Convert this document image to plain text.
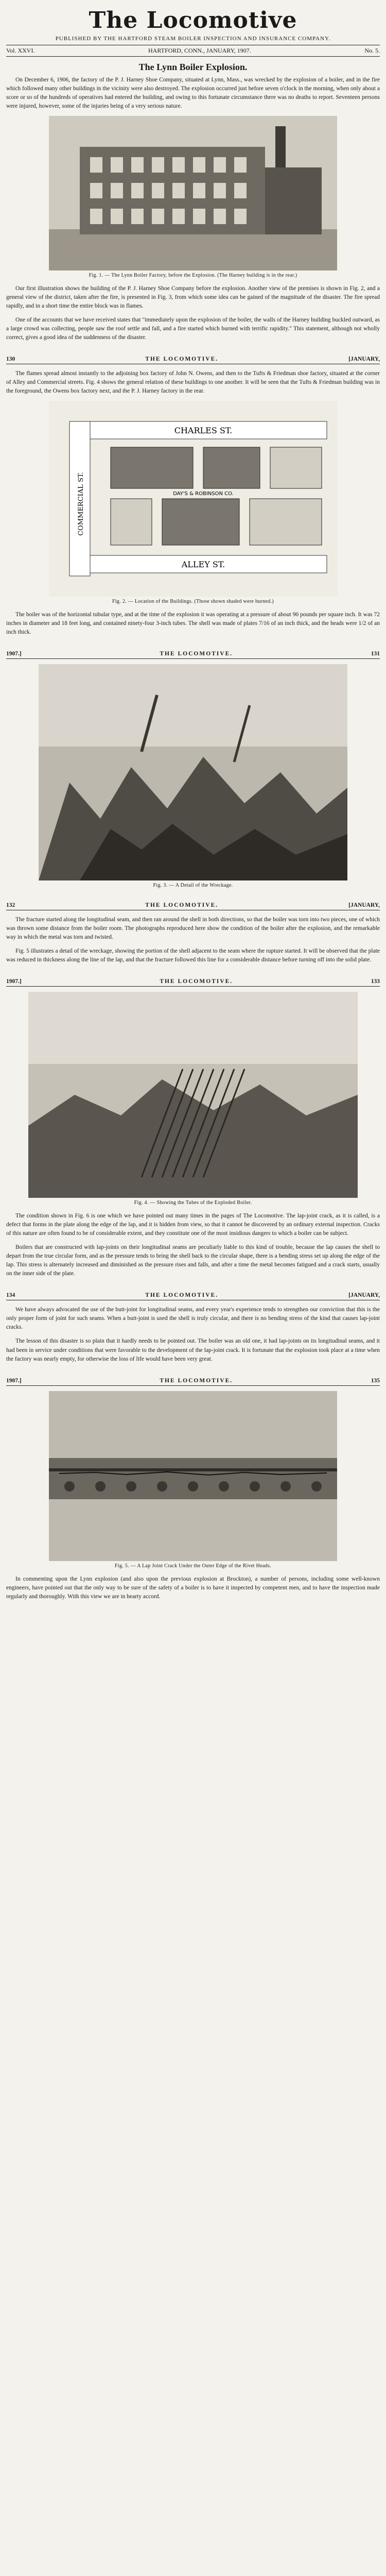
The Locomotive
PUBLISHED BY THE HARTFORD STEAM BOILER INSPECTION AND INSURANCE COMPANY.
Vol. XXVI.	HARTFORD, CONN., JANUARY, 1907.	No. 5.
The Lynn Boiler Explosion.

On December 6, 1906, the factory of the P. J. Harney Shoe Company, situated at Lynn, Mass., was wrecked by the explosion of a boiler, and in the fire which followed many other buildings in the vicinity were also destroyed. The explosion occurred just before seven o'clock in the morning, when only about a score or so of the hundreds of operatives had entered the building, and owing to this fortunate circumstance there was no deaths to report. Seventeen persons were injured, however, some of the injuries being of a very serious nature.

Fig. 1. — The Lynn Boiler Factory, before the Explosion. (The Harney building is in the rear.)

Our first illustration shows the building of the P. J. Harney Shoe Company before the explosion. Another view of the premises is shown in Fig. 2, and a general view of the district, taken after the fire, is presented in Fig. 3, from which some idea can be gained of the magnitude of the disaster. The fire spread rapidly, and in a short time the entire block was in flames.

One of the accounts that we have received states that "immediately upon the explosion of the boiler, the walls of the Harney building buckled outward, as a large crowd was collecting, people saw the roof settle and fall, and a fire started which burned with terrific rapidity." This statement, although not wholly correct, gives a good idea of the suddenness of the disaster.

130	THE LOCOMOTIVE.	[JANUARY,

The flames spread almost instantly to the adjoining box factory of John N. Owens, and then to the Tufts & Friedman shoe factory, situated at the corner of Alley and Commercial streets. Fig. 4 shows the general relation of these buildings to one another. It will be seen that the Tufts & Friedman building was in the foreground, the Owens box factory next, and the P. J. Harney factory in the rear.

CHARLES ST.
ALLEY ST.
COMMERCIAL ST.	DAY'S & ROBINSON CO.
Fig. 2. — Location of the Buildings. (Those shown shaded were burned.)

The boiler was of the horizontal tubular type, and at the time of the explosion it was operating at a pressure of about 90 pounds per square inch. It was 72 inches in diameter and 18 feet long, and contained ninety-four 3-inch tubes. The shell was made of plates 7/16 of an inch thick, and the heads were 1/2 of an inch thick.

1907.]	THE LOCOMOTIVE.	131
Fig. 3. — A Detail of the Wreckage.
132	THE LOCOMOTIVE.	[JANUARY,

The fracture started along the longitudinal seam, and then ran around the shell in both directions, so that the boiler was torn into two pieces, one of which was thrown some distance from the boiler room. The photographs reproduced here show the condition of the boiler after the explosion, and the remarkable way in which the metal was torn and twisted.

Fig. 5 illustrates a detail of the wreckage, showing the portion of the shell adjacent to the seam where the rupture started. It will be observed that the plate was reduced in thickness along the line of the lap, and that the fracture followed this line for a considerable distance before turning off into the solid plate.

1907.]	THE LOCOMOTIVE.	133
Fig. 4. — Showing the Tubes of the Exploded Boiler.

The condition shown in Fig. 6 is one which we have pointed out many times in the pages of The Locomotive. The lap-joint crack, as it is called, is a defect that forms in the plate along the edge of the lap, and it is hidden from view, so that it cannot be discovered by an ordinary external inspection. Cracks of this nature are often found to be of considerable extent, and they constitute one of the most insidious dangers to which a boiler can be subject.

Boilers that are constructed with lap-joints on their longitudinal seams are peculiarly liable to this kind of trouble, because the lap causes the shell to depart from the true circular form, and as the pressure tends to bring the shell back to the circular shape, there is a bending stress set up along the edge of the lap. This stress is alternately increased and diminished as the pressure rises and falls, and after a time the metal becomes fatigued and a crack starts, usually on the inner side of the plate.

134	THE LOCOMOTIVE.	[JANUARY,

We have always advocated the use of the butt-joint for longitudinal seams, and every year's experience tends to strengthen our conviction that this is the only proper form of joint for such seams. When a butt-joint is used the shell is truly circular, and there is no bending stress of the kind that causes lap-joint cracks.

The lesson of this disaster is so plain that it hardly needs to be pointed out. The boiler was an old one, it had lap-joints on its longitudinal seams, and it had been in service under conditions that were favorable to the development of the lap-joint crack. It is fortunate that the explosion took place at a time when the factory was nearly empty, for otherwise the loss of life would have been very great.

1907.]	THE LOCOMOTIVE.	135
Fig. 5. — A Lap Joint Crack Under the Outer Edge of the Rivet Heads.

In commenting upon the Lynn explosion (and also upon the previous explosion at Brockton), a number of persons, including some well-known engineers, have pointed out that the only way to be sure of the safety of a boiler is to have it inspected by competent men, and to have the inspection made regularly and thoroughly. With this view we are in hearty accord.
